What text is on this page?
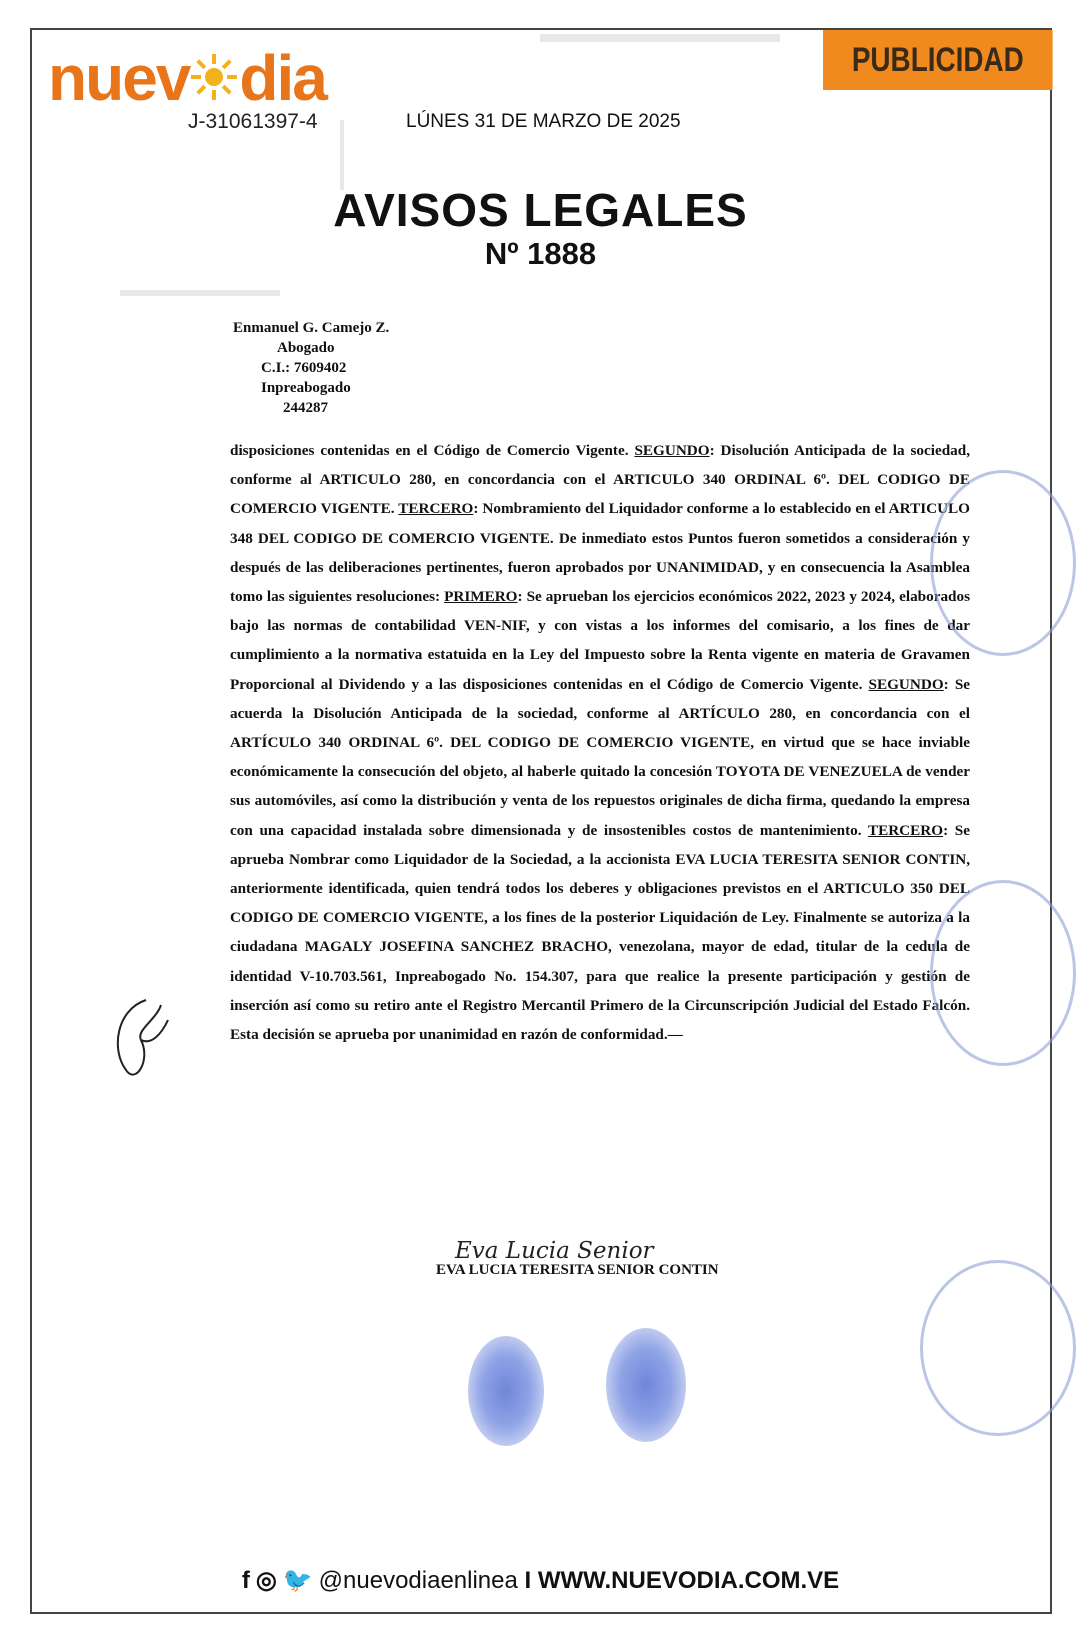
nuev dia
J-31061397-4	LÚNES 31 DE MARZO DE 2025
PUBLICIDAD
AVISOS LEGALES
Nº 1888
Enmanuel G. Camejo Z.
Abogado
C.I.: 7609402
Inpreabogado
244287
disposiciones contenidas en el Código de Comercio Vigente. SEGUNDO: Disolución Anticipada de la sociedad, conforme al ARTICULO 280, en concordancia con el ARTICULO 340 ORDINAL 6º. DEL CODIGO DE COMERCIO VIGENTE. TERCERO: Nombramiento del Liquidador conforme a lo establecido en el ARTICULO 348 DEL CODIGO DE COMERCIO VIGENTE. De inmediato estos Puntos fueron sometidos a consideración y después de las deliberaciones pertinentes, fueron aprobados por UNANIMIDAD, y en consecuencia la Asamblea tomo las siguientes resoluciones: PRIMERO: Se aprueban los ejercicios económicos 2022, 2023 y 2024, elaborados bajo las normas de contabilidad VEN-NIF, y con vistas a los informes del comisario, a los fines de dar cumplimiento a la normativa estatuida en la Ley del Impuesto sobre la Renta vigente en materia de Gravamen Proporcional al Dividendo y a las disposiciones contenidas en el Código de Comercio Vigente. SEGUNDO: Se acuerda la Disolución Anticipada de la sociedad, conforme al ARTÍCULO 280, en concordancia con el ARTÍCULO 340 ORDINAL 6º. DEL CODIGO DE COMERCIO VIGENTE, en virtud que se hace inviable económicamente la consecución del objeto, al haberle quitado la concesión TOYOTA DE VENEZUELA de vender sus automóviles, así como la distribución y venta de los repuestos originales de dicha firma, quedando la empresa con una capacidad instalada sobre dimensionada y de insostenibles costos de mantenimiento. TERCERO: Se aprueba Nombrar como Liquidador de la Sociedad, a la accionista EVA LUCIA TERESITA SENIOR CONTIN, anteriormente identificada, quien tendrá todos los deberes y obligaciones previstos en el ARTICULO 350 DEL CODIGO DE COMERCIO VIGENTE, a los fines de la posterior Liquidación de Ley. Finalmente se autoriza a la ciudadana MAGALY JOSEFINA SANCHEZ BRACHO, venezolana, mayor de edad, titular de la cedula de identidad V-10.703.561, Inpreabogado No. 154.307, para que realice la presente participación y gestión de inserción así como su retiro ante el Registro Mercantil Primero de la Circunscripción Judicial del Estado Falcón. Esta decisión se aprueba por unanimidad en razón de conformidad.—
Eva Lucia Senior
EVA LUCIA TERESITA SENIOR CONTIN
f ◎ 🐦 @nuevodiaenlinea I WWW.NUEVODIA.COM.VE
